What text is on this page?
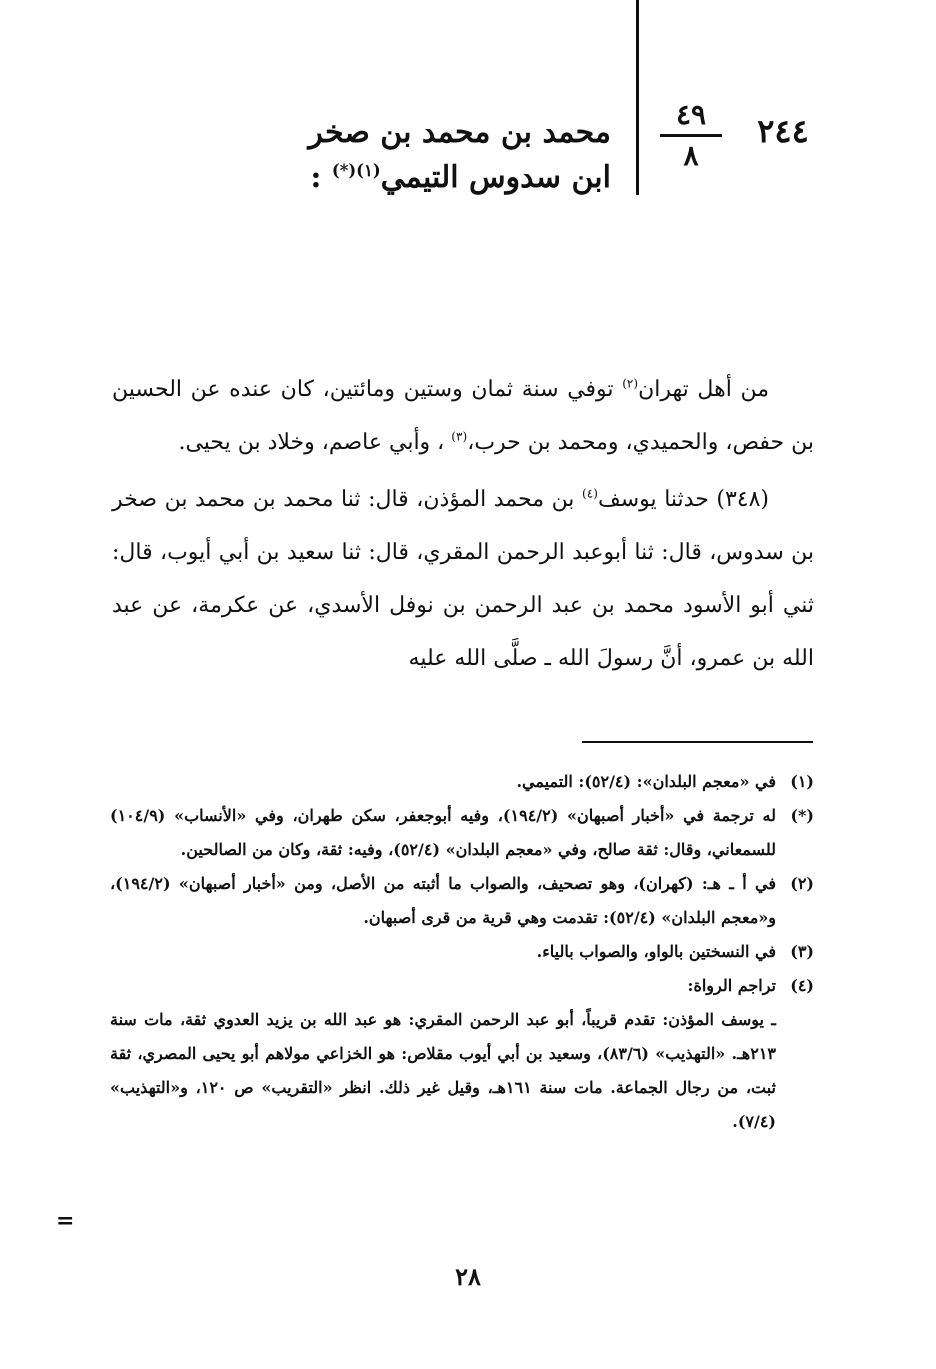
٢٤٤
٤٩
٨
محمد بن محمد بن صخر
ابن سدوس التيمي$^{(١)(*)}$ :

من أهل تهران$^{(٢)}$ توفي سنة ثمان وستين ومائتين، كان عنده عن الحسين بن حفص، والحميدي، ومحمد بن حرب،$^{(٣)}$ ، وأبي عاصم، وخلاد بن يحيى.

(٣٤٨) حدثنا يوسف$^{(٤)}$ بن محمد المؤذن، قال: ثنا محمد بن محمد بن صخر بن سدوس، قال: ثنا أبوعبد الرحمن المقري، قال: ثنا سعيد بن أبي أيوب، قال: ثني أبو الأسود محمد بن عبد الرحمن بن نوفل الأسدي، عن عكرمة، عن عبد الله بن عمرو، أنَّ رسولَ الله ـ صلَّى الله عليه

(١)
في «معجم البلدان»: (٥٢/٤): التميمي.
(*)
له ترجمة في «أخبار أصبهان» (١٩٤/٢)، وفيه أبوجعفر، سكن طهران، وفي «الأنساب» (١٠٤/٩) للسمعاني، وقال: ثقة صالح، وفي «معجم البلدان» (٥٢/٤)، وفيه: ثقة، وكان من الصالحين.
(٢)
في أ ـ هـ: (كهران)، وهو تصحيف، والصواب ما أثبته من الأصل، ومن «أخبار أصبهان» (١٩٤/٢)، و«معجم البلدان» (٥٢/٤): تقدمت وهي قرية من قرى أصبهان.
(٣)
في النسختين بالواو، والصواب بالياء.
(٤)
تراجم الرواة:
ـ يوسف المؤذن: تقدم قريباً، أبو عبد الرحمن المقري: هو عبد الله بن يزيد العدوي ثقة، مات سنة ٢١٣هـ. «التهذيب» (٨٣/٦)، وسعيد بن أبي أيوب مقلاص: هو الخزاعي مولاهم أبو يحيى المصري، ثقة ثبت، من رجال الجماعة. مات سنة ١٦١هـ، وقيل غير ذلك. انظر «التقريب» ص ١٢٠، و«التهذيب» (٧/٤).
=
٢٨
